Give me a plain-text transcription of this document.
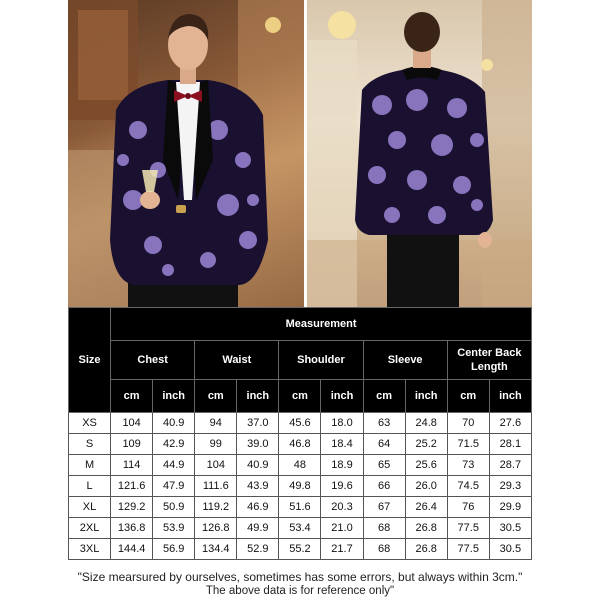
Size	Measurement									
	Chest		Waist		Shoulder		Sleeve		Center Back Length	
	cm	inch	cm	inch	cm	inch	cm	inch	cm	inch
XS	104	40.9	94	37.0	45.6	18.0	63	24.8	70	27.6
S	109	42.9	99	39.0	46.8	18.4	64	25.2	71.5	28.1
M	114	44.9	104	40.9	48	18.9	65	25.6	73	28.7
L	121.6	47.9	111.6	43.9	49.8	19.6	66	26.0	74.5	29.3
XL	129.2	50.9	119.2	46.9	51.6	20.3	67	26.4	76	29.9
2XL	136.8	53.9	126.8	49.9	53.4	21.0	68	26.8	77.5	30.5
3XL	144.4	56.9	134.4	52.9	55.2	21.7	68	26.8	77.5	30.5
"Size mearsured by ourselves, sometimes has some errors, but always within 3cm."
The above data is for reference only"
